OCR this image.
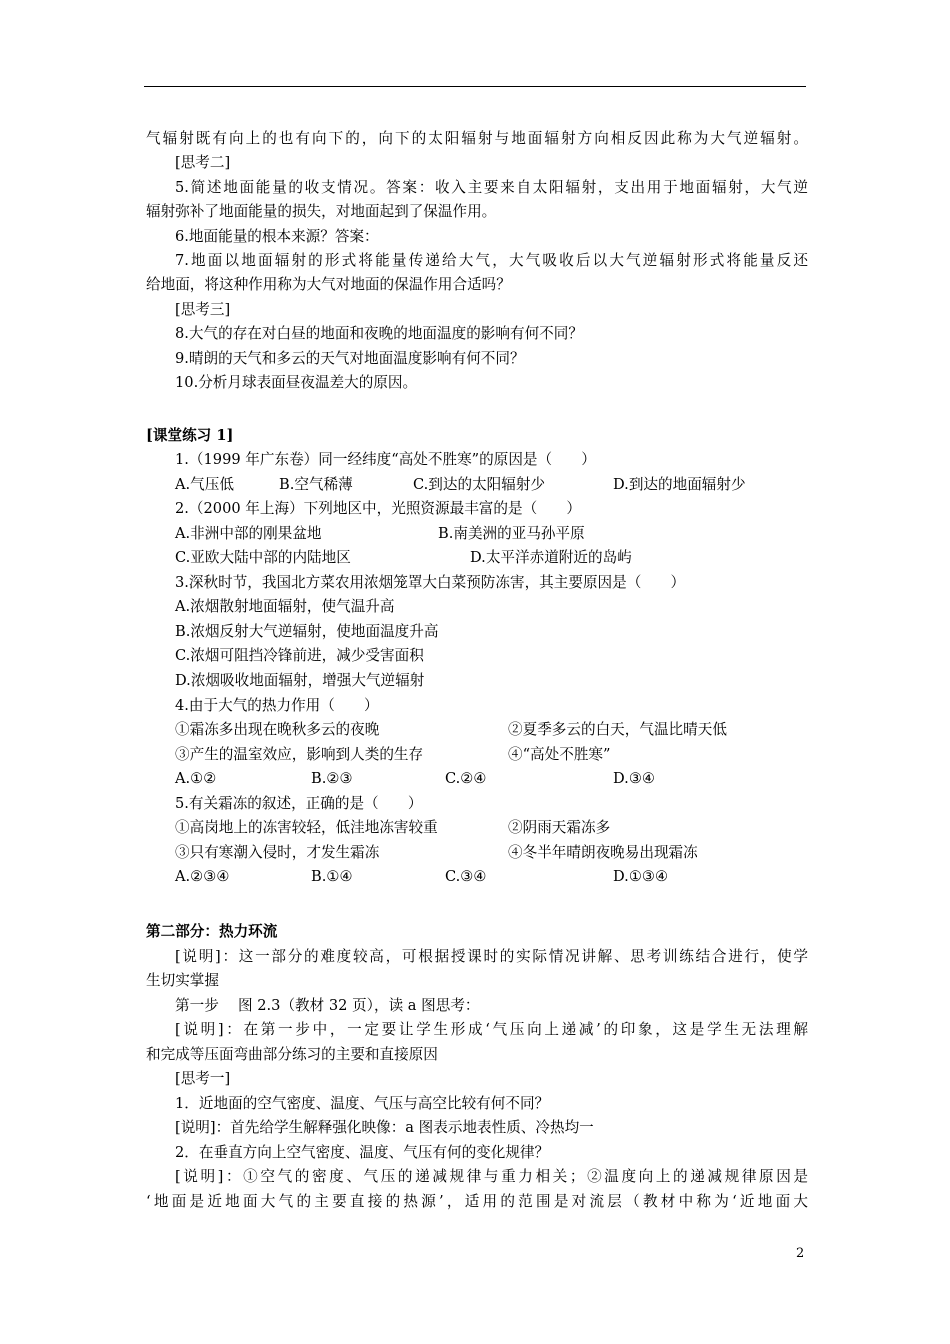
气辐射既有向上的也有向下的，向下的太阳辐射与地面辐射方向相反因此称为大气逆辐射。
[思考二]
5.简述地面能量的收支情况。答案：收入主要来自太阳辐射，支出用于地面辐射，大气逆
辐射弥补了地面能量的损失，对地面起到了保温作用。
6.地面能量的根本来源？答案：
7.地面以地面辐射的形式将能量传递给大气，大气吸收后以大气逆辐射形式将能量反还
给地面，将这种作用称为大气对地面的保温作用合适吗？
[思考三]
8.大气的存在对白昼的地面和夜晚的地面温度的影响有何不同？
9.晴朗的天气和多云的天气对地面温度影响有何不同？
10.分析月球表面昼夜温差大的原因。
[课堂练习 1]
1.（1999 年广东卷）同一经纬度“高处不胜寒”的原因是（　　）
A.气压低	B.空气稀薄	C.到达的太阳辐射少	D.到达的地面辐射少
2.（2000 年上海）下列地区中，光照资源最丰富的是（　　）
A.非洲中部的刚果盆地	B.南美洲的亚马孙平原
C.亚欧大陆中部的内陆地区	D.太平洋赤道附近的岛屿
3.深秋时节，我国北方菜农用浓烟笼罩大白菜预防冻害，其主要原因是（　　）
A.浓烟散射地面辐射，使气温升高
B.浓烟反射大气逆辐射，使地面温度升高
C.浓烟可阻挡冷锋前进，减少受害面积
D.浓烟吸收地面辐射，增强大气逆辐射
4.由于大气的热力作用（　　）
①霜冻多出现在晚秋多云的夜晚	②夏季多云的白天，气温比晴天低
③产生的温室效应，影响到人类的生存	④“高处不胜寒”
A.①②	B.②③	C.②④	D.③④
5.有关霜冻的叙述，正确的是（　　）
①高岗地上的冻害较轻，低洼地冻害较重	②阴雨天霜冻多
③只有寒潮入侵时，才发生霜冻	④冬半年晴朗夜晚易出现霜冻
A.②③④	B.①④	C.③④	D.①③④
第二部分：热力环流
[说明]：这一部分的难度较高，可根据授课时的实际情况讲解、思考训练结合进行，使学
生切实掌握
第一步　 图 2.3（教材 32 页），读 a 图思考：
[说明]：在第一步中，一定要让学生形成‘气压向上递减’的印象，这是学生无法理解
和完成等压面弯曲部分练习的主要和直接原因
[思考一]
1．近地面的空气密度、温度、气压与高空比较有何不同？
[说明]：首先给学生解释强化映像：a 图表示地表性质、冷热均一
2．在垂直方向上空气密度、温度、气压有何的变化规律？
[说明]：①空气的密度、气压的递减规律与重力相关；②温度向上的递减规律原因是
‘地面是近地面大气的主要直接的热源’，适用的范围是对流层（教材中称为‘近地面大
2
